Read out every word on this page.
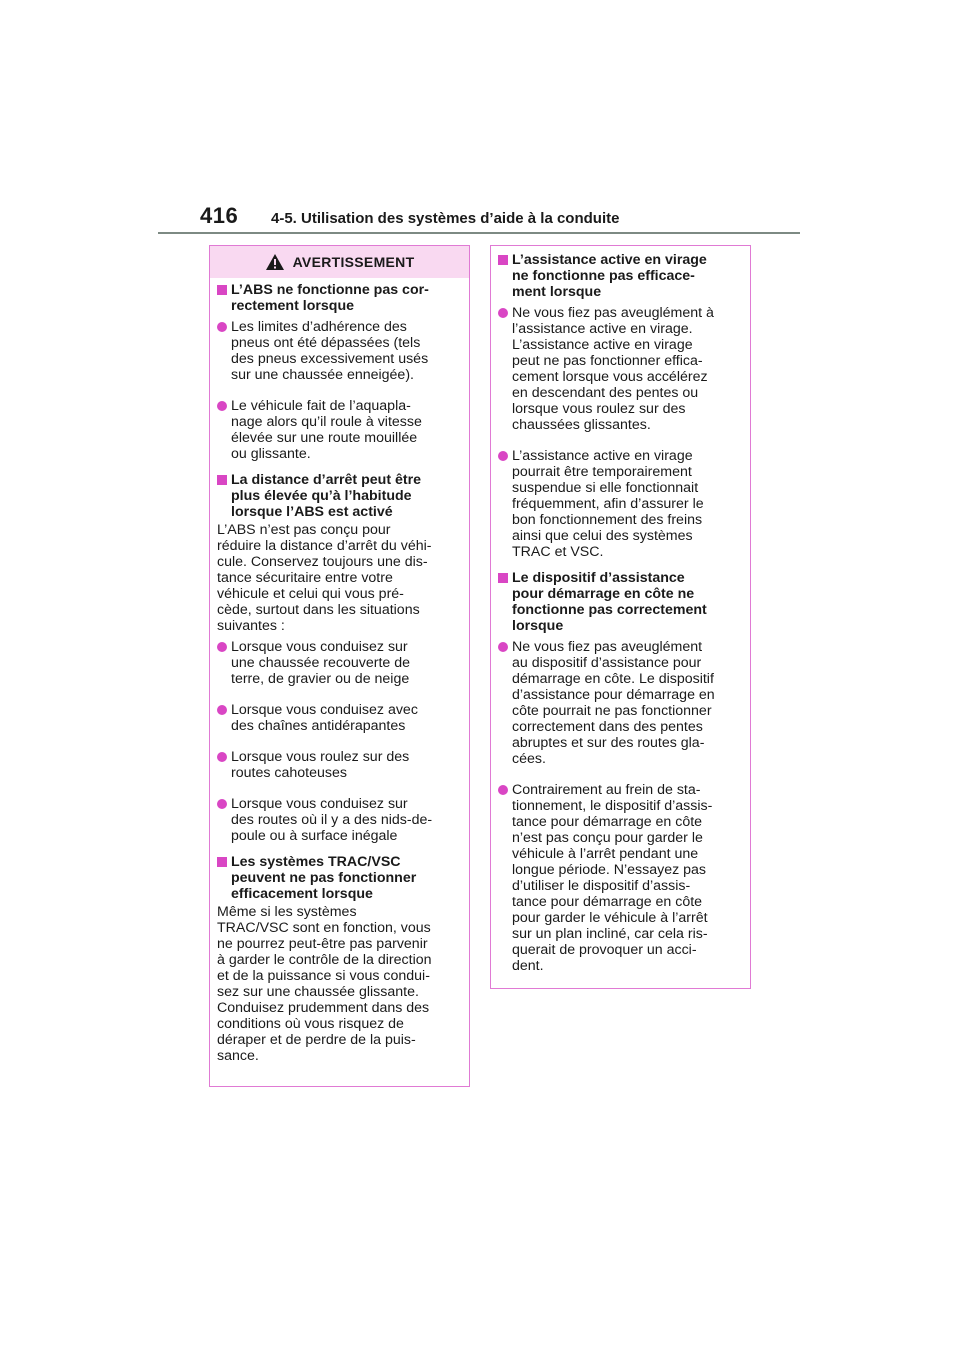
416 4-5. Utilisation des systèmes d’aide à la conduite
AVERTISSEMENT
L’ABS ne fonctionne pas cor-
rectement lorsque
Les limites d’adhérence des
pneus ont été dépassées (tels
des pneus excessivement usés
sur une chaussée enneigée).
Le véhicule fait de l’aquapla-
nage alors qu’il roule à vitesse
élevée sur une route mouillée
ou glissante.
La distance d’arrêt peut être
plus élevée qu’à l’habitude
lorsque l’ABS est activé
L’ABS n’est pas conçu pour
réduire la distance d’arrêt du véhi-
cule. Conservez toujours une dis-
tance sécuritaire entre votre
véhicule et celui qui vous pré-
cède, surtout dans les situations
suivantes :
Lorsque vous conduisez sur
une chaussée recouverte de
terre, de gravier ou de neige
Lorsque vous conduisez avec
des chaînes antidérapantes
Lorsque vous roulez sur des
routes cahoteuses
Lorsque vous conduisez sur
des routes où il y a des nids-de-
poule ou à surface inégale
Les systèmes TRAC/VSC
peuvent ne pas fonctionner
efficacement lorsque
Même si les systèmes
TRAC/VSC sont en fonction, vous
ne pourrez peut-être pas parvenir
à garder le contrôle de la direction
et de la puissance si vous condui-
sez sur une chaussée glissante.
Conduisez prudemment dans des
conditions où vous risquez de
déraper et de perdre de la puis-
sance.
L’assistance active en virage
ne fonctionne pas efficace-
ment lorsque
Ne vous fiez pas aveuglément à
l’assistance active en virage.
L’assistance active en virage
peut ne pas fonctionner effica-
cement lorsque vous accélérez
en descendant des pentes ou
lorsque vous roulez sur des
chaussées glissantes.
L’assistance active en virage
pourrait être temporairement
suspendue si elle fonctionnait
fréquemment, afin d’assurer le
bon fonctionnement des freins
ainsi que celui des systèmes
TRAC et VSC.
Le dispositif d’assistance
pour démarrage en côte ne
fonctionne pas correctement
lorsque
Ne vous fiez pas aveuglément
au dispositif d’assistance pour
démarrage en côte. Le dispositif
d’assistance pour démarrage en
côte pourrait ne pas fonctionner
correctement dans des pentes
abruptes et sur des routes gla-
cées.
Contrairement au frein de sta-
tionnement, le dispositif d’assis-
tance pour démarrage en côte
n’est pas conçu pour garder le
véhicule à l’arrêt pendant une
longue période. N’essayez pas
d’utiliser le dispositif d’assis-
tance pour démarrage en côte
pour garder le véhicule à l’arrêt
sur un plan incliné, car cela ris-
querait de provoquer un acci-
dent.
